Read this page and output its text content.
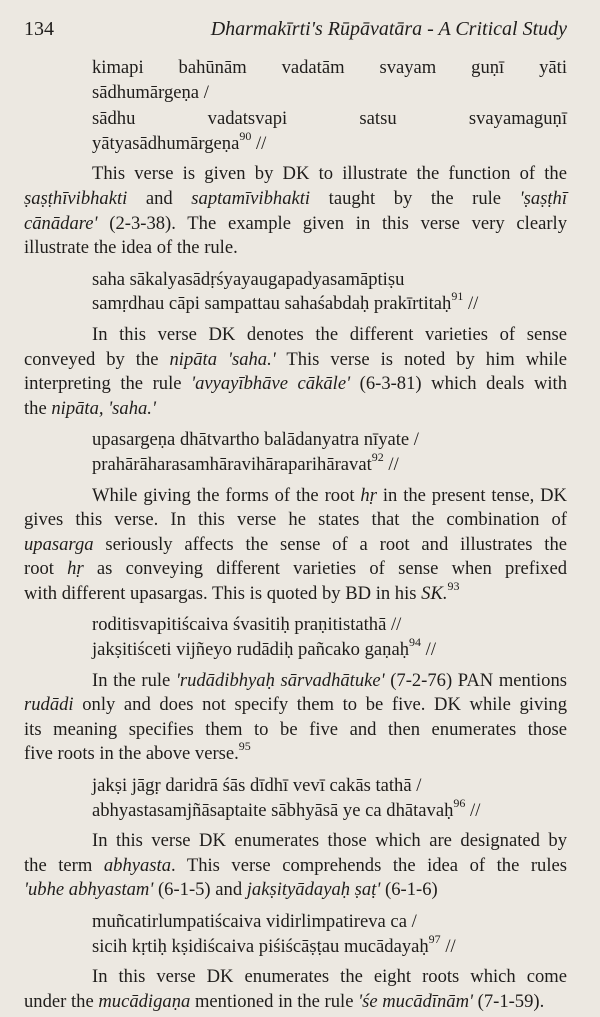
134	Dharmakīrti's Rūpāvatāra - A Critical Study
kimapi bahūnām vadatām svayam guṇī yāti
sādhumārgeṇa /
sādhu vadatsvapi satsu svayamaguṇī
yātyasādhumārgeṇa$^{90}$ //
This verse is given by DK to illustrate the function of the
ṣaṣṭhīvibhakti and saptamīvibhakti taught by the rule 'ṣaṣṭhī
cānādare' (2-3-38). The example given in this verse very clearly
illustrate the idea of the rule.
saha sākalyasādṛśyayaugapadyasamāptiṣu
samṛdhau cāpi sampattau sahaśabdaḥ prakīrtitaḥ$^{91}$ //
In this verse DK denotes the different varieties of sense
conveyed by the nipāta 'saha.' This verse is noted by him while
interpreting the rule 'avyayībhāve cākāle' (6-3-81) which deals with
the nipāta, 'saha.'
upasargeṇa dhātvartho balādanyatra nīyate /
prahārāharasamhāravihāraparihāravat$^{92}$ //
While giving the forms of the root hṛ in the present tense, DK
gives this verse. In this verse he states that the combination of
upasarga seriously affects the sense of a root and illustrates the
root hṛ as conveying different varieties of sense when prefixed
with different upasargas. This is quoted by BD in his SK.$^{93}$
roditisvapitiścaiva śvasitiḥ praṇitistathā //
jakṣitiśceti vijñeyo rudādiḥ pañcako gaṇaḥ$^{94}$ //
In the rule 'rudādibhyaḥ sārvadhātuke' (7-2-76) PAN mentions
rudādi only and does not specify them to be five. DK while giving
its meaning specifies them to be five and then enumerates those
five roots in the above verse.$^{95}$
jakṣi jāgṛ daridrā śās dīdhī vevī cakās tathā /
abhyastasamjñāsaptaite sābhyāsā ye ca dhātavaḥ$^{96}$ //
In this verse DK enumerates those which are designated by
the term abhyasta. This verse comprehends the idea of the rules
'ubhe abhyastam' (6-1-5) and jakṣityādayaḥ ṣaṭ' (6-1-6)
muñcatirlumpatiścaiva vidirlimpatireva ca /
sicih kṛtiḥ kṣidiścaiva piśiścāṣṭau mucādayaḥ$^{97}$ //
In this verse DK enumerates the eight roots which come
under the mucādigaṇa mentioned in the rule 'śe mucādīnām' (7-1-59).
